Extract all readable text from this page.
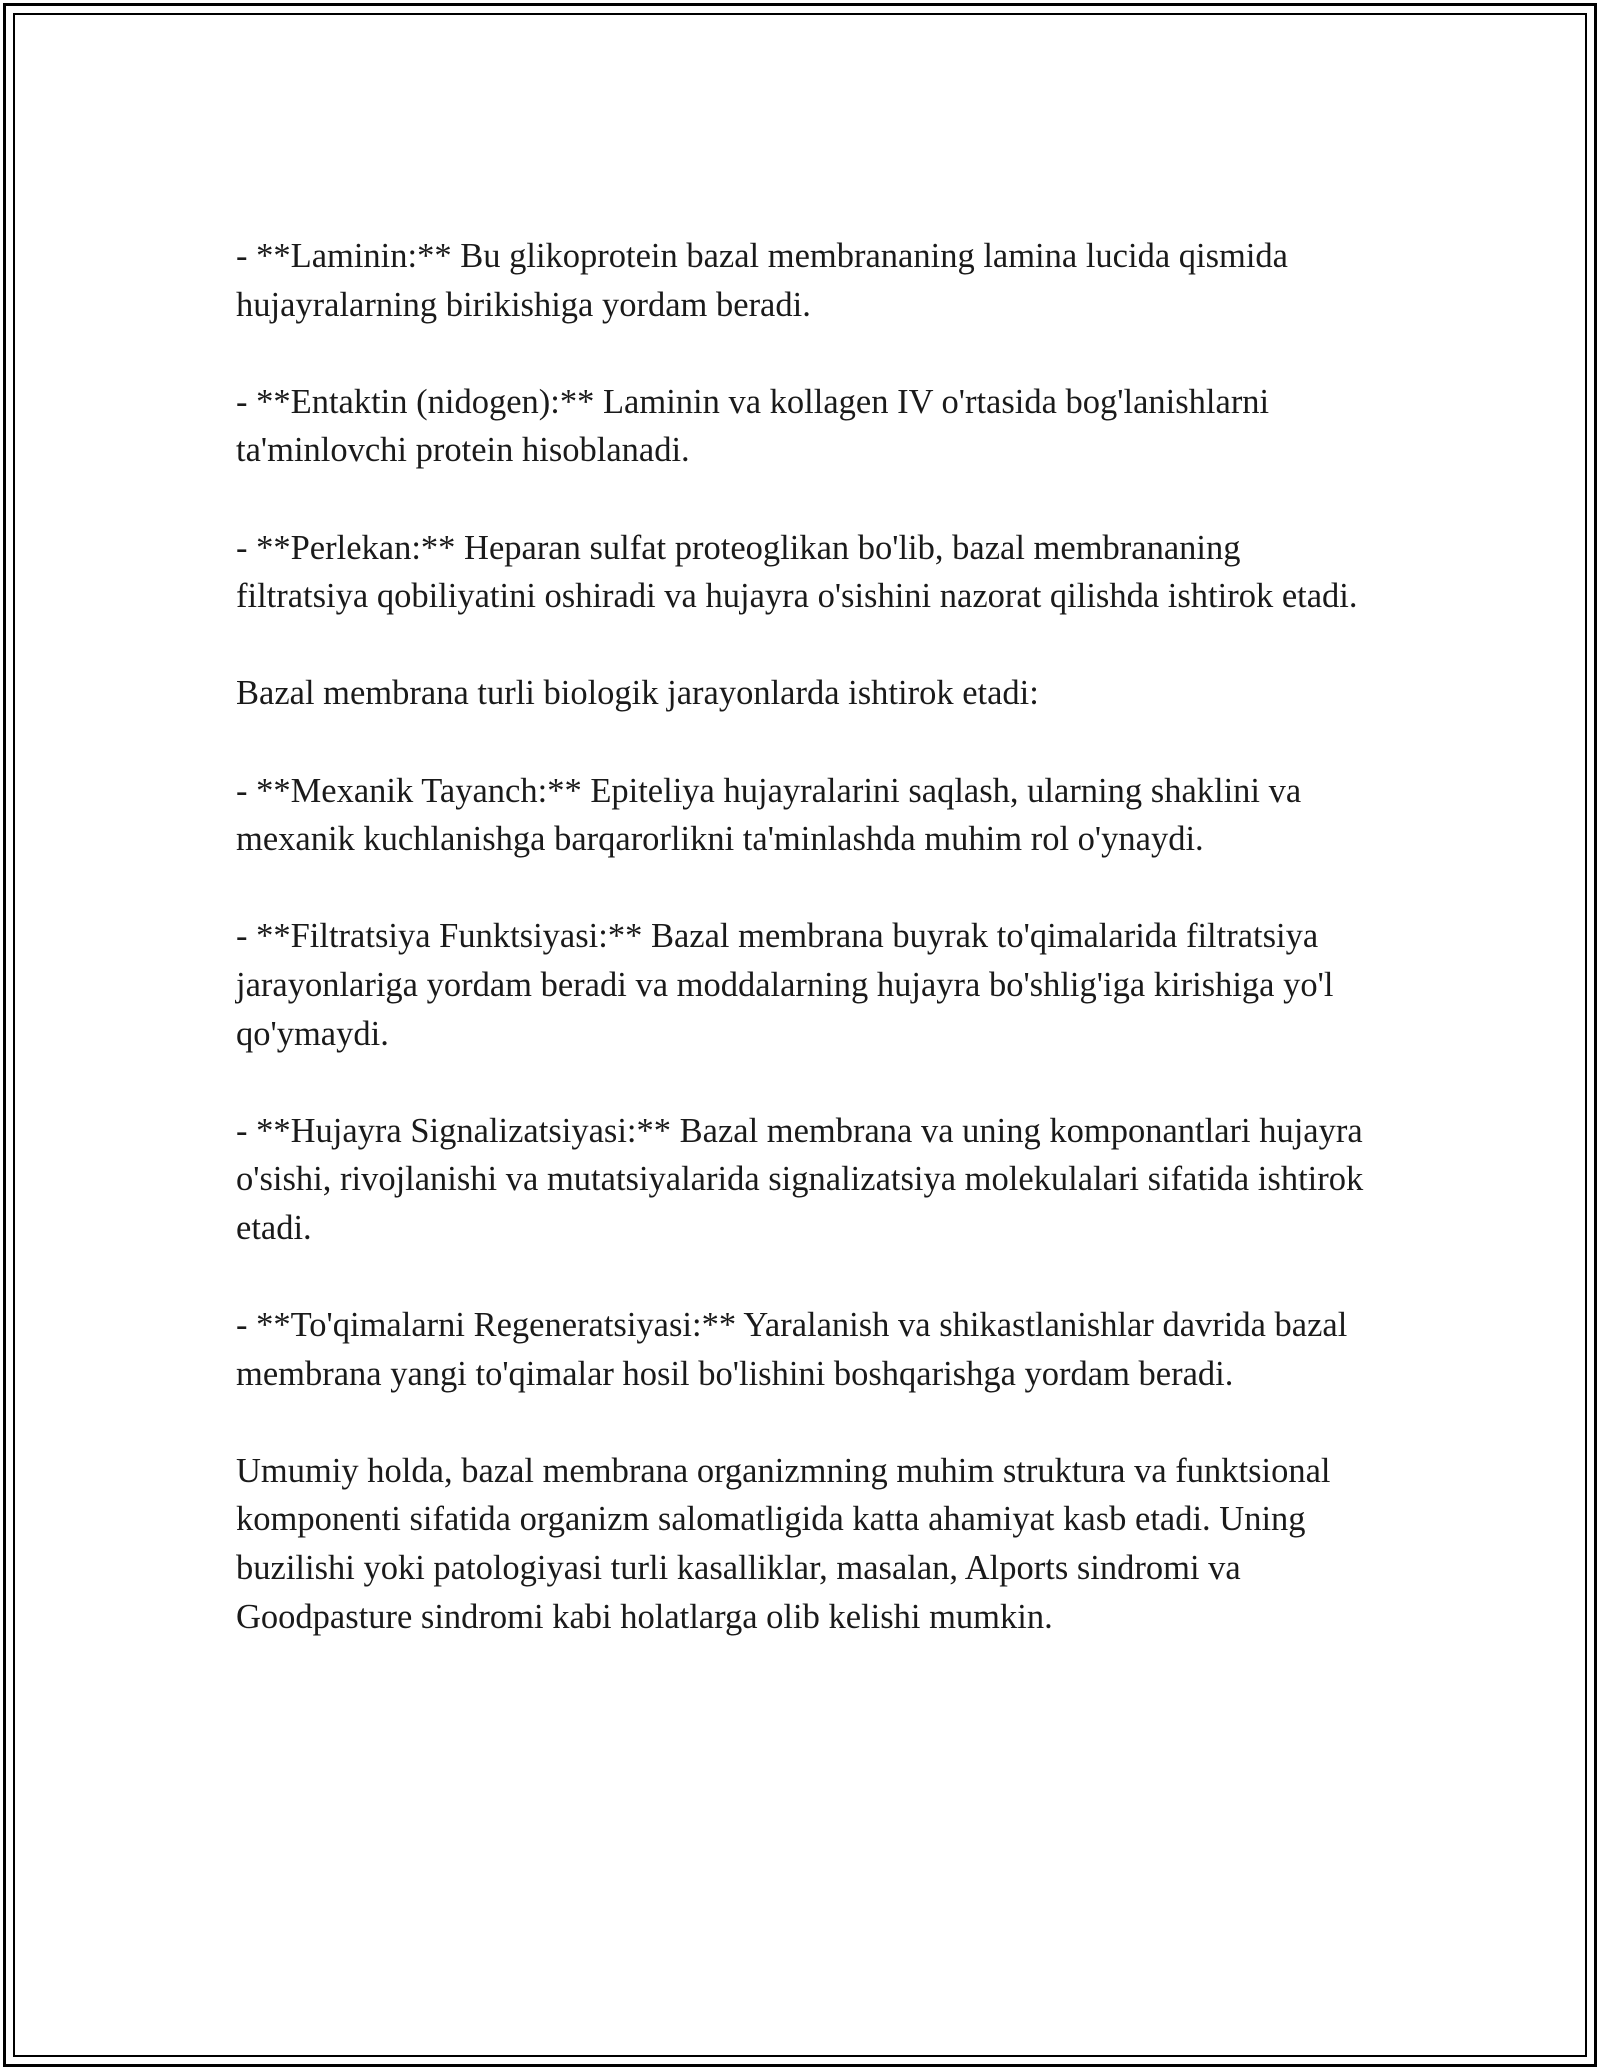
- **Laminin:** Bu glikoprotein bazal membrananing lamina lucida qismida hujayralarning birikishiga yordam beradi.

- **Entaktin (nidogen):** Laminin va kollagen IV o'rtasida bog'lanishlarni ta'minlovchi protein hisoblanadi.

- **Perlekan:** Heparan sulfat proteoglikan bo'lib, bazal membrananing filtratsiya qobiliyatini oshiradi va hujayra o'sishini nazorat qilishda ishtirok etadi.

Bazal membrana turli biologik jarayonlarda ishtirok etadi:

- **Mexanik Tayanch:** Epiteliya hujayralarini saqlash, ularning shaklini va mexanik kuchlanishga barqarorlikni ta'minlashda muhim rol o'ynaydi.

- **Filtratsiya Funktsiyasi:** Bazal membrana buyrak to'qimalarida filtratsiya jarayonlariga yordam beradi va moddalarning hujayra bo'shlig'iga kirishiga yo'l qo'ymaydi.

- **Hujayra Signalizatsiyasi:** Bazal membrana va uning komponantlari hujayra o'sishi, rivojlanishi va mutatsiyalarida signalizatsiya molekulalari sifatida ishtirok etadi.

- **To'qimalarni Regeneratsiyasi:** Yaralanish va shikastlanishlar davrida bazal membrana yangi to'qimalar hosil bo'lishini boshqarishga yordam beradi.

Umumiy holda, bazal membrana organizmning muhim struktura va funktsional komponenti sifatida organizm salomatligida katta ahamiyat kasb etadi. Uning buzilishi yoki patologiyasi turli kasalliklar, masalan, Alports sindromi va Goodpasture sindromi kabi holatlarga olib kelishi mumkin.
